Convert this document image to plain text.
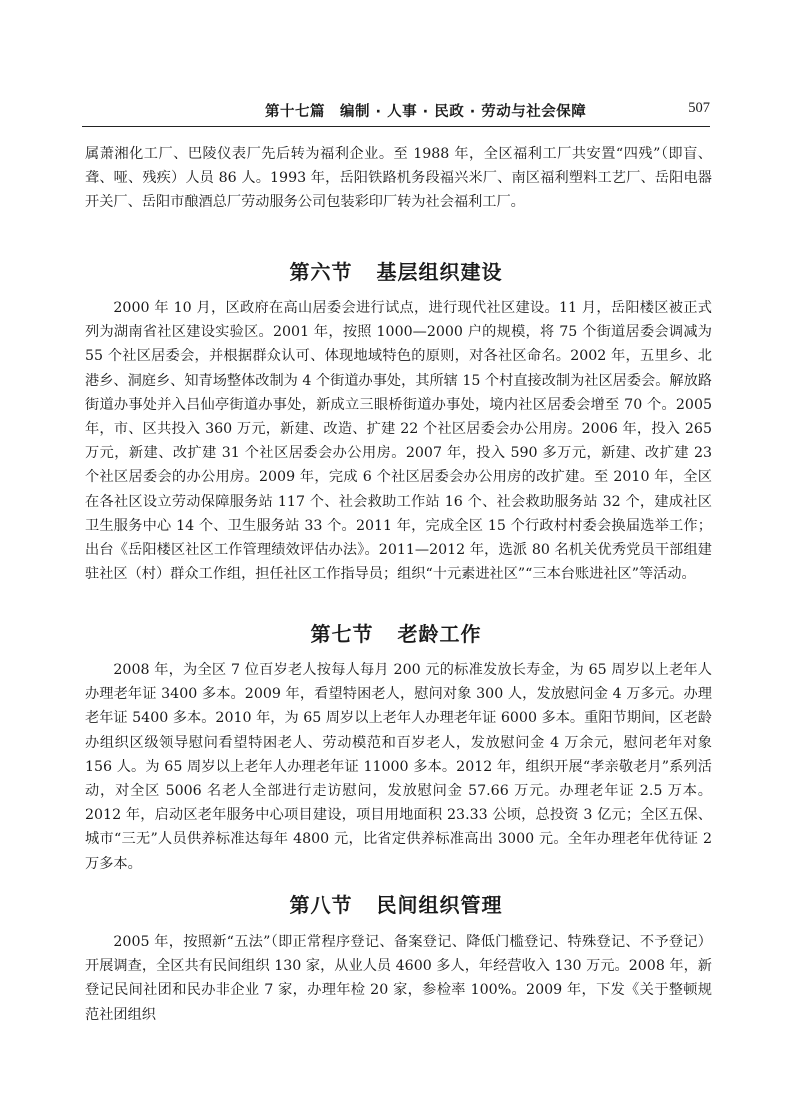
第十七篇　编制 · 人事 · 民政 · 劳动与社会保障	507

属萧湘化工厂、巴陵仪表厂先后转为福利企业。至 1988 年，全区福利工厂共安置“四残”（即盲、聋、哑、残疾）人员 86 人。1993 年，岳阳铁路机务段福兴米厂、南区福利塑料工艺厂、岳阳电器开关厂、岳阳市酿酒总厂劳动服务公司包装彩印厂转为社会福利工厂。

第六节 基层组织建设

2000 年 10 月，区政府在高山居委会进行试点，进行现代社区建设。11 月，岳阳楼区被正式列为湖南省社区建设实验区。2001 年，按照 1000—2000 户的规模，将 75 个街道居委会调减为 55 个社区居委会，并根据群众认可、体现地域特色的原则，对各社区命名。2002 年，五里乡、北港乡、洞庭乡、知青场整体改制为 4 个街道办事处，其所辖 15 个村直接改制为社区居委会。解放路街道办事处并入吕仙亭街道办事处，新成立三眼桥街道办事处，境内社区居委会增至 70 个。2005 年，市、区共投入 360 万元，新建、改造、扩建 22 个社区居委会办公用房。2006 年，投入 265 万元，新建、改扩建 31 个社区居委会办公用房。2007 年，投入 590 多万元，新建、改扩建 23 个社区居委会的办公用房。2009 年，完成 6 个社区居委会办公用房的改扩建。至 2010 年，全区在各社区设立劳动保障服务站 117 个、社会救助工作站 16 个、社会救助服务站 32 个，建成社区卫生服务中心 14 个、卫生服务站 33 个。2011 年，完成全区 15 个行政村村委会换届选举工作；出台《岳阳楼区社区工作管理绩效评估办法》。2011—2012 年，选派 80 名机关优秀党员干部组建驻社区（村）群众工作组，担任社区工作指导员；组织“十元素进社区”“三本台账进社区”等活动。

第七节 老龄工作

2008 年，为全区 7 位百岁老人按每人每月 200 元的标准发放长寿金，为 65 周岁以上老年人办理老年证 3400 多本。2009 年，看望特困老人，慰问对象 300 人，发放慰问金 4 万多元。办理老年证 5400 多本。2010 年，为 65 周岁以上老年人办理老年证 6000 多本。重阳节期间，区老龄办组织区级领导慰问看望特困老人、劳动模范和百岁老人，发放慰问金 4 万余元，慰问老年对象 156 人。为 65 周岁以上老年人办理老年证 11000 多本。2012 年，组织开展“孝亲敬老月”系列活动，对全区 5006 名老人全部进行走访慰问，发放慰问金 57.66 万元。办理老年证 2.5 万本。2012 年，启动区老年服务中心项目建设，项目用地面积 23.33 公顷，总投资 3 亿元；全区五保、城市“三无”人员供养标准达每年 4800 元，比省定供养标准高出 3000 元。全年办理老年优待证 2 万多本。

第八节 民间组织管理

2005 年，按照新“五法”（即正常程序登记、备案登记、降低门槛登记、特殊登记、不予登记）开展调查，全区共有民间组织 130 家，从业人员 4600 多人，年经营收入 130 万元。2008 年，新登记民间社团和民办非企业 7 家，办理年检 20 家，参检率 100%。2009 年，下发《关于整顿规范社团组织
